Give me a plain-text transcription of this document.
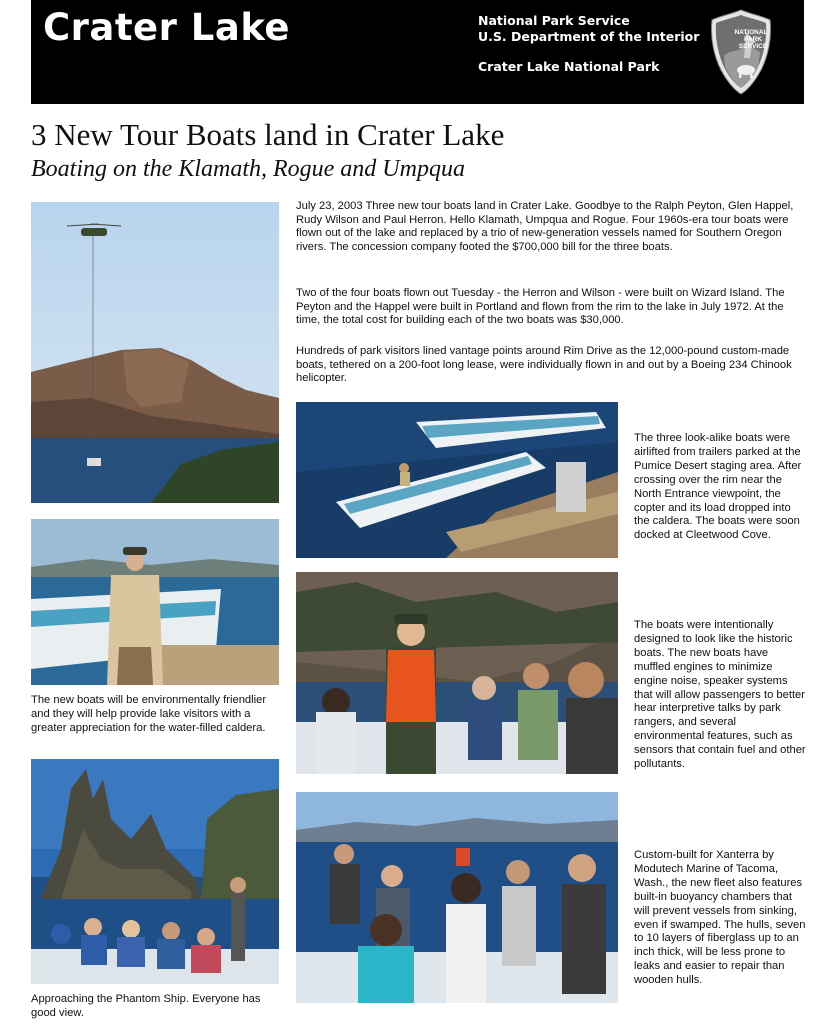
Crater Lake	National Park Service
U.S. Department of the Interior
Crater Lake National Park
NATIONAL
PARK
SERVICE
3 New Tour Boats land in Crater Lake
Boating on the Klamath, Rogue and Umpqua
July 23, 2003 Three new tour boats land in Crater Lake. Goodbye to the Ralph Peyton, Glen Happel, Rudy Wilson and Paul Herron. Hello Klamath, Umpqua and Rogue. Four 1960s-era tour boats were flown out of the lake and replaced by a trio of new-generation vessels named for Southern Oregon rivers. The concession company footed the $700,000 bill for the three boats.
Two of the four boats flown out Tuesday - the Herron and Wilson - were built on Wizard Island. The Peyton and the Happel were built in Portland and flown from the rim to the lake in July 1972. At the time, the total cost for building each of the two boats was $30,000.
Hundreds of park visitors lined vantage points around Rim Drive as the 12,000-pound custom-made boats, tethered on a 200-foot long lease, were individually flown in and out by a Boeing 234 Chinook helicopter.
The new boats will be environmentally friendlier and they will help provide lake visitors with a greater appreciation for the water-filled caldera.
Approaching the Phantom Ship. Everyone has good view.
The three look-alike boats were airlifted from trailers parked at the Pumice Desert staging area. After crossing over the rim near the North Entrance viewpoint, the copter and its load dropped into the caldera. The boats were soon docked at Cleetwood Cove.
The boats were intentionally designed to look like the historic boats. The new boats have muffled engines to minimize engine noise, speaker systems that will allow passengers to better hear interpretive talks by park rangers, and several environmental features, such as sensors that contain fuel and other pollutants.
Custom-built for Xanterra by Modutech Marine of Tacoma, Wash., the new fleet also features built-in buoyancy chambers that will prevent vessels from sinking, even if swamped. The hulls, seven to 10 layers of fiberglass up to an inch thick, will be less prone to leaks and easier to repair than wooden hulls.
